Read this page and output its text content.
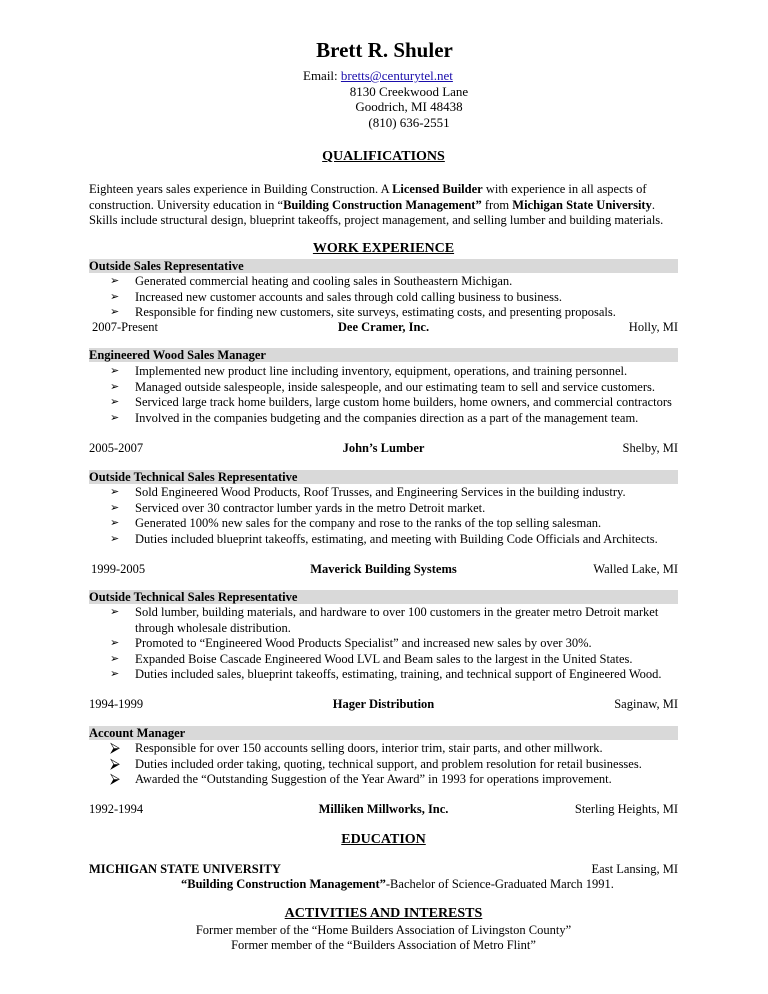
Brett R. Shuler
Email: bretts@centurytel.net
8130 Creekwood Lane
Goodrich, MI 48438
(810) 636-2551
QUALIFICATIONS
Eighteen years sales experience in Building Construction. A Licensed Builder with experience in all aspects of construction. University education in “Building Construction Management” from Michigan State University. Skills include structural design, blueprint takeoffs, project management, and selling lumber and building materials.
WORK EXPERIENCE
Outside Sales Representative
➢ Generated commercial heating and cooling sales in Southeastern Michigan.
➢ Increased new customer accounts and sales through cold calling business to business.
➢ Responsible for finding new customers, site surveys, estimating costs, and presenting proposals.
2007-Present	Dee Cramer, Inc.	Holly, MI
Engineered Wood Sales Manager
➢ Implemented new product line including inventory, equipment, operations, and training personnel.
➢ Managed outside salespeople, inside salespeople, and our estimating team to sell and service customers.
➢ Serviced large track home builders, large custom home builders, home owners, and commercial contractors
➢ Involved in the companies budgeting and the companies direction as a part of the management team.
2005-2007	John’s Lumber	Shelby, MI
Outside Technical Sales Representative
➢ Sold Engineered Wood Products, Roof Trusses, and Engineering Services in the building industry.
➢ Serviced over 30 contractor lumber yards in the metro Detroit market.
➢ Generated 100% new sales for the company and rose to the ranks of the top selling salesman.
➢ Duties included blueprint takeoffs, estimating, and meeting with Building Code Officials and Architects.
1999-2005	Maverick Building Systems	Walled Lake, MI
Outside Technical Sales Representative
➢ Sold lumber, building materials, and hardware to over 100 customers in the greater metro Detroit market through wholesale distribution.
➢ Promoted to “Engineered Wood Products Specialist” and increased new sales by over 30%.
➢ Expanded Boise Cascade Engineered Wood LVL and Beam sales to the largest in the United States.
➢ Duties included sales, blueprint takeoffs, estimating, training, and technical support of Engineered Wood.
1994-1999	Hager Distribution	Saginaw, MI
Account Manager
⮚ Responsible for over 150 accounts selling doors, interior trim, stair parts, and other millwork.
⮚ Duties included order taking, quoting, technical support, and problem resolution for retail businesses.
⮚ Awarded the “Outstanding Suggestion of the Year Award” in 1993 for operations improvement.
1992-1994	Milliken Millworks, Inc.	Sterling Heights, MI
EDUCATION
MICHIGAN STATE UNIVERSITY	East Lansing, MI
“Building Construction Management”-Bachelor of Science-Graduated March 1991.
ACTIVITIES AND INTERESTS
Former member of the “Home Builders Association of Livingston County”
Former member of the “Builders Association of Metro Flint”
